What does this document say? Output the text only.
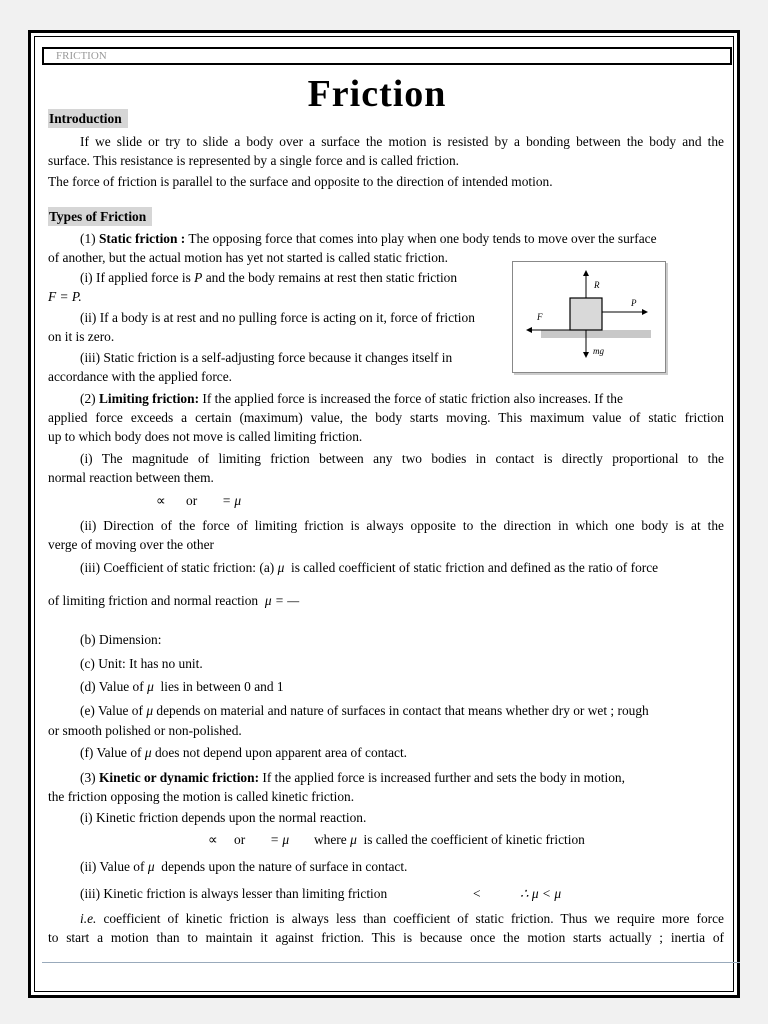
FRICTION
Friction
Introduction
If we slide or try to slide a body over a surface the motion is resisted by a bonding between the body and the
surface. This resistance is represented by a single force and is called friction.
The force of friction is parallel to the surface and opposite to the direction of intended motion.
Types of Friction
(1) Static friction : The opposing force that comes into play when one body tends to move over the surface
of another, but the actual motion has yet not started is called static friction.
(i) If applied force is P and the body remains at rest then static friction
F = P.
(ii) If a body is at rest and no pulling force is acting on it, force of friction
on it is zero.
(iii) Static friction is a self-adjusting force because it changes itself in
accordance with the applied force.
(2) Limiting friction: If the applied force is increased the force of static friction also increases. If the
applied force exceeds a certain (maximum) value, the body starts moving. This maximum value of static friction
up to which body does not move is called limiting friction.
(i) The magnitude of limiting friction between any two bodies in contact is directly proportional to the
normal reaction between them.
∝ or = μ
(ii) Direction of the force of limiting friction is always opposite to the direction in which one body is at the
verge of moving over the other
(iii) Coefficient of static friction: (a) μ is called coefficient of static friction and defined as the ratio of force
of limiting friction and normal reaction μ = —
(b) Dimension:
(c) Unit: It has no unit.
(d) Value of μ lies in between 0 and 1
(e) Value of μ depends on material and nature of surfaces in contact that means whether dry or wet ; rough
or smooth polished or non-polished.
(f) Value of μ does not depend upon apparent area of contact.
(3) Kinetic or dynamic friction: If the applied force is increased further and sets the body in motion,
the friction opposing the motion is called kinetic friction.
(i) Kinetic friction depends upon the normal reaction.
∝ or = μ where μ is called the coefficient of kinetic friction
(ii) Value of μ depends upon the nature of surface in contact.
(iii) Kinetic friction is always lesser than limiting friction	<	∴ μ < μ
i.e. coefficient of kinetic friction is always less than coefficient of static friction. Thus we require more force
to start a motion than to maintain it against friction. This is because once the motion starts actually ; inertia of
R
P
F
mg
